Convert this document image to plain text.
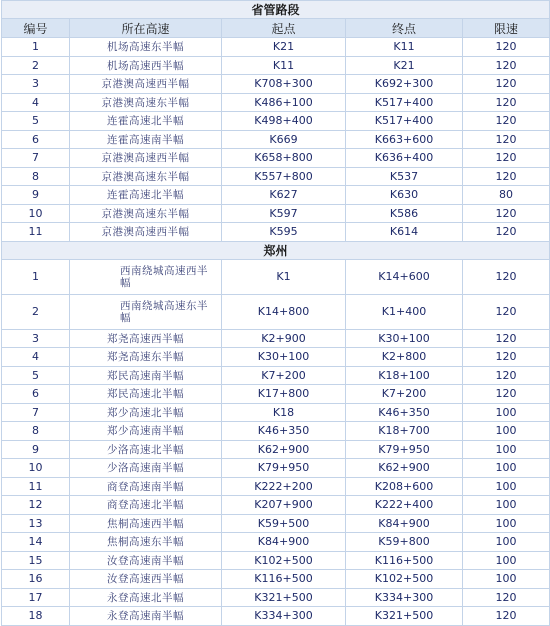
省管路段				
编号	所在高速	起点	终点	限速
1	机场高速东半幅	K21	K11	120
2	机场高速西半幅	K11	K21	120
3	京港澳高速西半幅	K708+300	K692+300	120
4	京港澳高速东半幅	K486+100	K517+400	120
5	连霍高速北半幅	K498+400	K517+400	120
6	连霍高速南半幅	K669	K663+600	120
7	京港澳高速西半幅	K658+800	K636+400	120
8	京港澳高速东半幅	K557+800	K537	120
9	连霍高速北半幅	K627	K630	80
10	京港澳高速东半幅	K597	K586	120
11	京港澳高速西半幅	K595	K614	120
郑州				
1	西南绕城高速西半幅	K1	K14+600	120
2	西南绕城高速东半幅	K14+800	K1+400	120
3	郑尧高速西半幅	K2+900	K30+100	120
4	郑尧高速东半幅	K30+100	K2+800	120
5	郑民高速南半幅	K7+200	K18+100	120
6	郑民高速北半幅	K17+800	K7+200	120
7	郑少高速北半幅	K18	K46+350	100
8	郑少高速南半幅	K46+350	K18+700	100
9	少洛高速北半幅	K62+900	K79+950	100
10	少洛高速南半幅	K79+950	K62+900	100
11	商登高速南半幅	K222+200	K208+600	100
12	商登高速北半幅	K207+900	K222+400	100
13	焦桐高速西半幅	K59+500	K84+900	100
14	焦桐高速东半幅	K84+900	K59+800	100
15	汝登高速南半幅	K102+500	K116+500	100
16	汝登高速西半幅	K116+500	K102+500	100
17	永登高速北半幅	K321+500	K334+300	120
18	永登高速南半幅	K334+300	K321+500	120
